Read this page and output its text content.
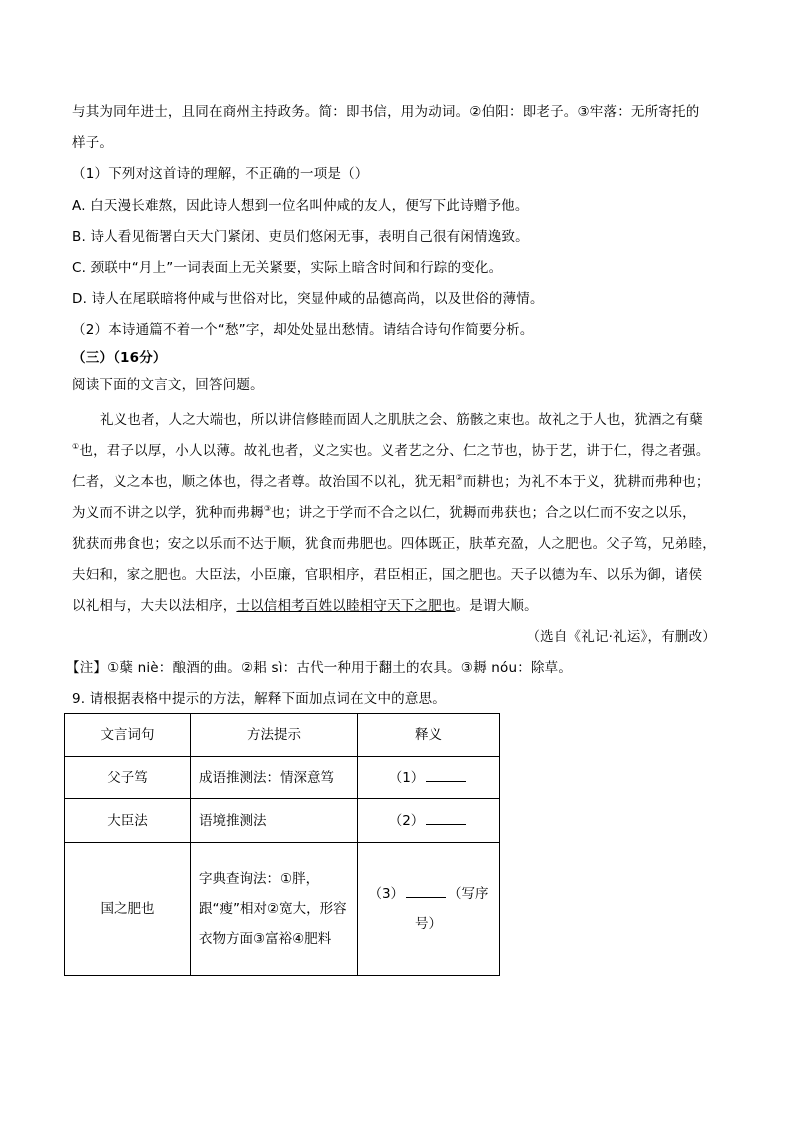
与其为同年进士，且同在商州主持政务。简：即书信，用为动词。②伯阳：即老子。③牢落：无所寄托的
样子。
（1）下列对这首诗的理解，不正确的一项是（）
A. 白天漫长难熬，因此诗人想到一位名叫仲咸的友人，便写下此诗赠予他。
B. 诗人看见衙署白天大门紧闭、吏员们悠闲无事，表明自己很有闲情逸致。
C. 颈联中“月上”一词表面上无关紧要，实际上暗含时间和行踪的变化。
D. 诗人在尾联暗将仲咸与世俗对比，突显仲咸的品德高尚，以及世俗的薄情。
（2）本诗通篇不着一个“愁”字，却处处显出愁情。请结合诗句作简要分析。
（三）（16分）
阅读下面的文言文，回答问题。
礼义也者，人之大端也，所以讲信修睦而固人之肌肤之会、筋骸之束也。故礼之于人也，犹酒之有蘖
①也，君子以厚，小人以薄。故礼也者，义之实也。义者艺之分、仁之节也，协于艺，讲于仁，得之者强。
仁者，义之本也，顺之体也，得之者尊。故治国不以礼，犹无耜②而耕也；为礼不本于义，犹耕而弗种也；
为义而不讲之以学，犹种而弗耨③也；讲之于学而不合之以仁，犹耨而弗获也；合之以仁而不安之以乐，
犹获而弗食也；安之以乐而不达于顺，犹食而弗肥也。四体既正，肤革充盈，人之肥也。父子笃，兄弟睦，
夫妇和，家之肥也。大臣法，小臣廉，官职相序，君臣相正，国之肥也。天子以德为车、以乐为御，诸侯
以礼相与，大夫以法相序，士以信相考百姓以睦相守天下之肥也。是谓大顺。
（选自《礼记·礼运》，有删改）
【注】①蘖 niè：酿酒的曲。②耜 sì：古代一种用于翻土的农具。③耨 nóu：除草。
9. 请根据表格中提示的方法，解释下面加点词在文中的意思。
文言词句	方法提示	释义
父子笃	成语推测法：情深意笃	（1）
大臣法	语境推测法	（2）
国之肥也	字典查询法：①胖，跟“瘦”相对②宽大，形容衣物方面③富裕④肥料	（3） （写序号）
